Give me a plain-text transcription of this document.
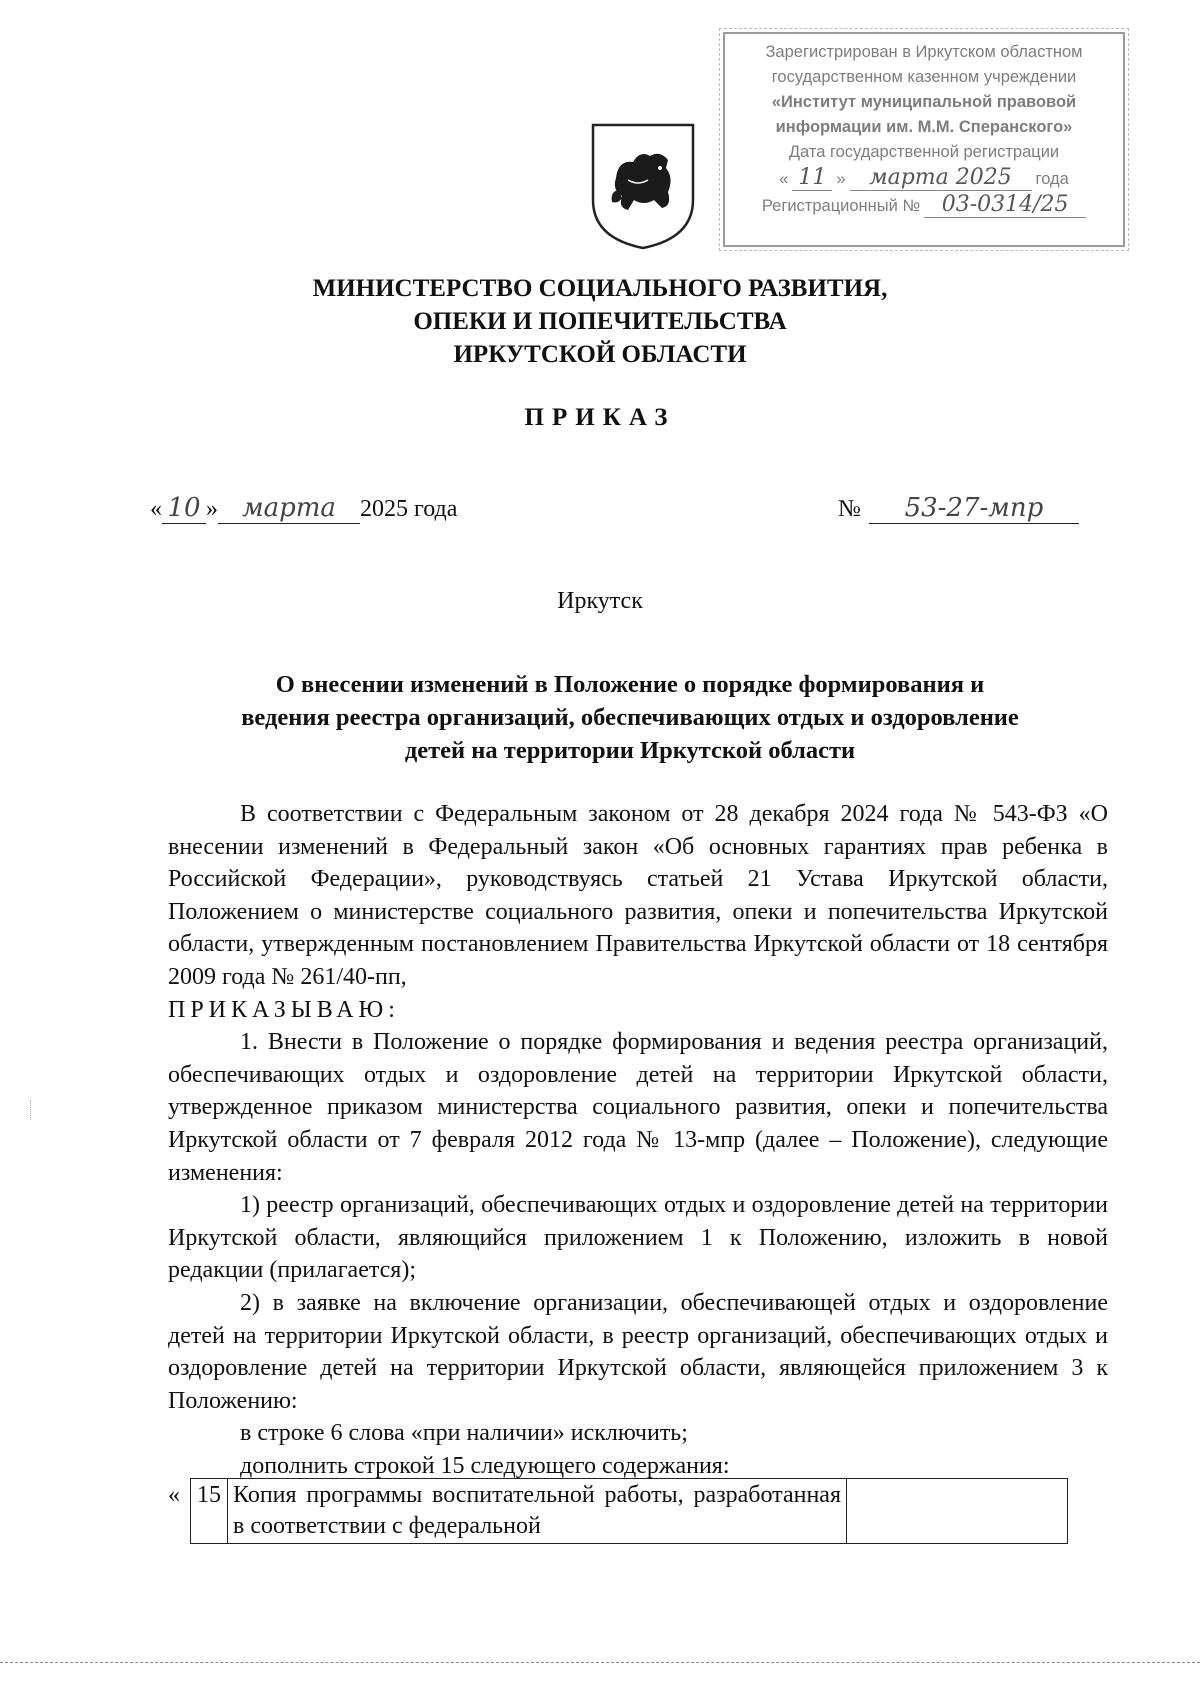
Зарегистрирован в Иркутском областном
государственном казенном учреждении
«Институт муниципальной правовой
информации им. М.М. Сперанского»
Дата государственной регистрации
« 11 »	марта 2025	года
Регистрационный № 03-0314/25
МИНИСТЕРСТВО СОЦИАЛЬНОГО РАЗВИТИЯ,
ОПЕКИ И ПОПЕЧИТЕЛЬСТВА
ИРКУТСКОЙ ОБЛАСТИ
ПРИКАЗ
« 10 » марта	2025 года	№	53-27-мпр
Иркутск
О внесении изменений в Положение о порядке формирования и
ведения реестра организаций, обеспечивающих отдых и оздоровление
детей на территории Иркутской области

В соответствии с Федеральным законом от 28 декабря 2024 года № 543-ФЗ «О внесении изменений в Федеральный закон «Об основных гарантиях прав ребенка в Российской Федерации», руководствуясь статьей 21 Устава Иркутской области, Положением о министерстве социального развития, опеки и попечительства Иркутской области, утвержденным постановлением Правительства Иркутской области от 18 сентября 2009 года № 261/40-пп,

ПРИКАЗЫВАЮ:

1. Внести в Положение о порядке формирования и ведения реестра организаций, обеспечивающих отдых и оздоровление детей на территории Иркутской области, утвержденное приказом министерства социального развития, опеки и попечительства Иркутской области от 7 февраля 2012 года № 13-мпр (далее – Положение), следующие изменения:

1) реестр организаций, обеспечивающих отдых и оздоровление детей на территории Иркутской области, являющийся приложением 1 к Положению, изложить в новой редакции (прилагается);

2) в заявке на включение организации, обеспечивающей отдых и оздоровление детей на территории Иркутской области, в реестр организаций, обеспечивающих отдых и оздоровление детей на территории Иркутской области, являющейся приложением 3 к Положению:

в строке 6 слова «при наличии» исключить;

дополнить строкой 15 следующего содержания:

« 15	Копия программы воспитательной работы, разработанная в соответствии с федеральной	
